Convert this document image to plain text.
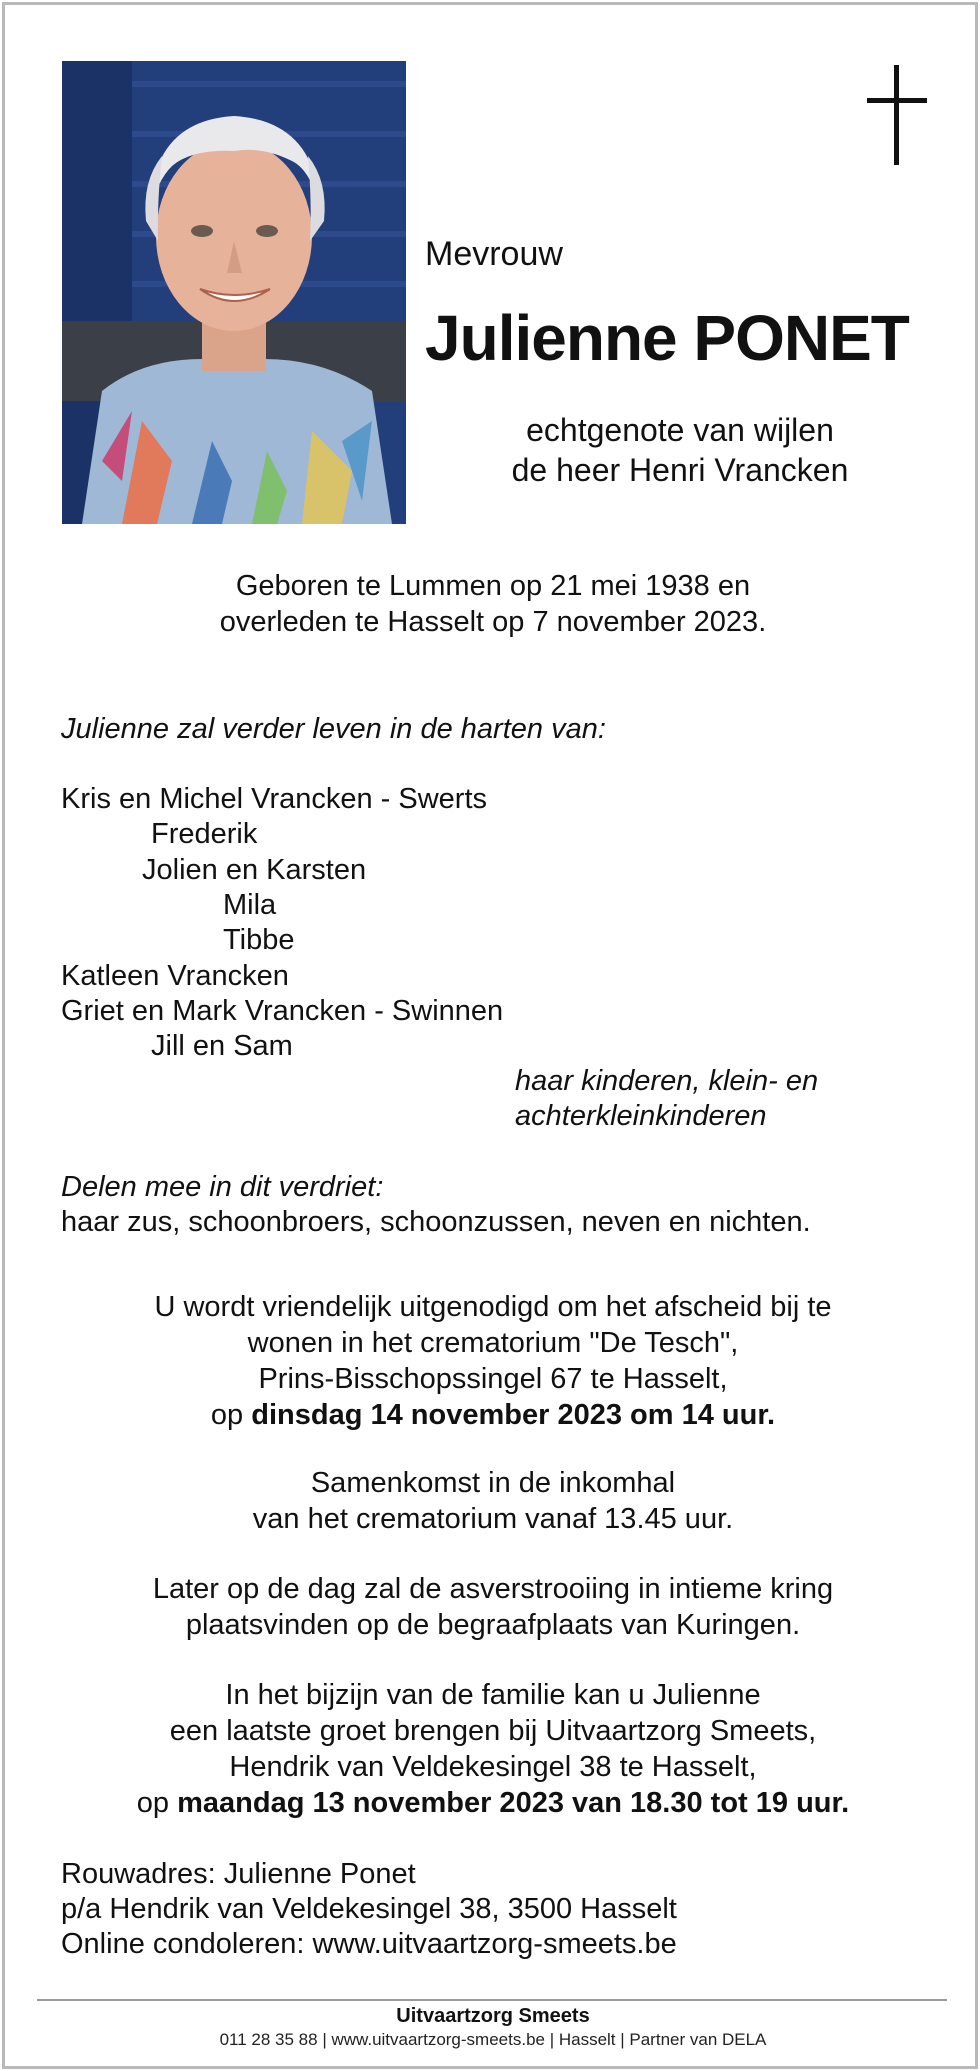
Mevrouw
Julienne PONET
echtgenote van wijlen
de heer Henri Vrancken
Geboren te Lummen op 21 mei 1938 en
overleden te Hasselt op 7 november 2023.
Julienne zal verder leven in de harten van:
Kris en Michel Vrancken - Swerts
Frederik
Jolien en Karsten
Mila
Tibbe
Katleen Vrancken
Griet en Mark Vrancken - Swinnen
Jill en Sam
haar kinderen, klein- en
achterkleinkinderen
Delen mee in dit verdriet:
haar zus, schoonbroers, schoonzussen, neven en nichten.
U wordt vriendelijk uitgenodigd om het afscheid bij te
wonen in het crematorium "De Tesch",
Prins-Bisschopssingel 67 te Hasselt,
op dinsdag 14 november 2023 om 14 uur.
Samenkomst in de inkomhal
van het crematorium vanaf 13.45 uur.
Later op de dag zal de asverstrooiing in intieme kring
plaatsvinden op de begraafplaats van Kuringen.
In het bijzijn van de familie kan u Julienne
een laatste groet brengen bij Uitvaartzorg Smeets,
Hendrik van Veldekesingel 38 te Hasselt,
op maandag 13 november 2023 van 18.30 tot 19 uur.
Rouwadres: Julienne Ponet
p/a Hendrik van Veldekesingel 38, 3500 Hasselt
Online condoleren: www.uitvaartzorg-smeets.be
Uitvaartzorg Smeets
011 28 35 88 | www.uitvaartzorg-smeets.be | Hasselt | Partner van DELA
